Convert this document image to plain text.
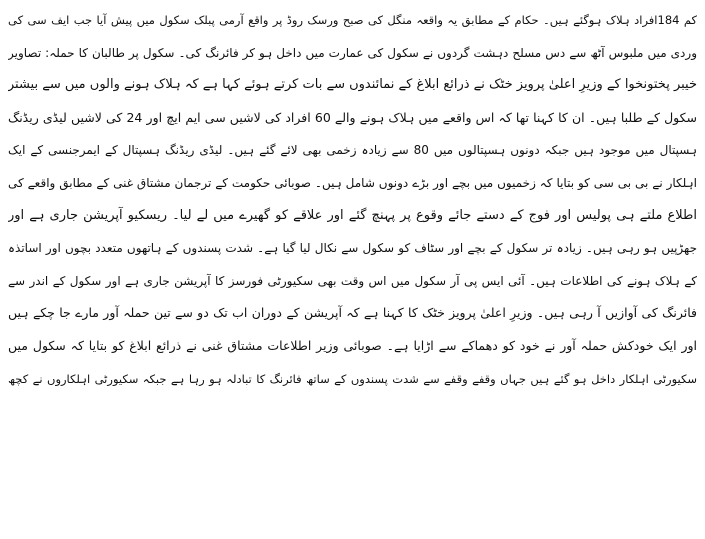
کم 184افراد ہلاک ہوگئے ہیں۔ حکام کے مطابق یہ واقعہ منگل کی صبح ورسک روڈ پر واقع آرمی پبلک سکول میں پیش آیا جب ایف سی کی
وردی میں ملبوس آٹھ سے دس مسلح دہشت گردوں نے سکول کی عمارت میں داخل ہو کر فائرنگ کی۔ سکول پر طالبان کا حملہ: تصاویر
خیبر پختونخوا کے وزیرِ اعلیٰ پرویز خٹک نے ذرائع ابلاغ کے نمائندوں سے بات کرتے ہوئے کہا ہے کہ ہلاک ہونے والوں میں سے بیشتر
سکول کے طلبا ہیں۔ ان کا کہنا تھا کہ اس واقعے میں ہلاک ہونے والے 60 افراد کی لاشیں سی ایم ایچ اور 24 کی لاشیں لیڈی ریڈنگ
ہسپتال میں موجود ہیں جبکہ دونوں ہسپتالوں میں 80 سے زیادہ زخمی بھی لائے گئے ہیں۔ لیڈی ریڈنگ ہسپتال کے ایمرجنسی کے ایک
اہلکار نے بی بی سی کو بتایا کہ زخمیوں میں بچے اور بڑے دونوں شامل ہیں۔ صوبائی حکومت کے ترجمان مشتاق غنی کے مطابق واقعے کی
اطلاع ملتے ہی پولیس اور فوج کے دستے جائے وقوع پر پہنچ گئے اور علاقے کو گھیرے میں لے لیا۔ ریسکیو آپریشن جاری ہے اور
جھڑپیں ہو رہی ہیں۔ زیادہ تر سکول کے بچے اور سٹاف کو سکول سے نکال لیا گیا ہے۔ شدت پسندوں کے ہاتھوں متعدد بچوں اور اساتذہ
کے ہلاک ہونے کی اطلاعات ہیں۔ آئی ایس پی آر سکول میں اس وقت بھی سکیورٹی فورسز کا آپریشن جاری ہے اور سکول کے اندر سے
فائرنگ کی آوازیں آ رہی ہیں۔ وزیرِ اعلیٰ پرویز خٹک کا کہنا ہے کہ آپریشن کے دوران اب تک دو سے تین حملہ آور مارے جا چکے ہیں
اور ایک خودکش حملہ آور نے خود کو دھماکے سے اڑایا ہے۔ صوبائی وزیر اطلاعات مشتاق غنی نے ذرائع ابلاغ کو بتایا کہ سکول میں
سکیورٹی اہلکار داخل ہو گئے ہیں جہاں وقفے وقفے سے شدت پسندوں کے ساتھ فائرنگ کا تبادلہ ہو رہا ہے جبکہ سکیورٹی اہلکاروں نے کچھ
